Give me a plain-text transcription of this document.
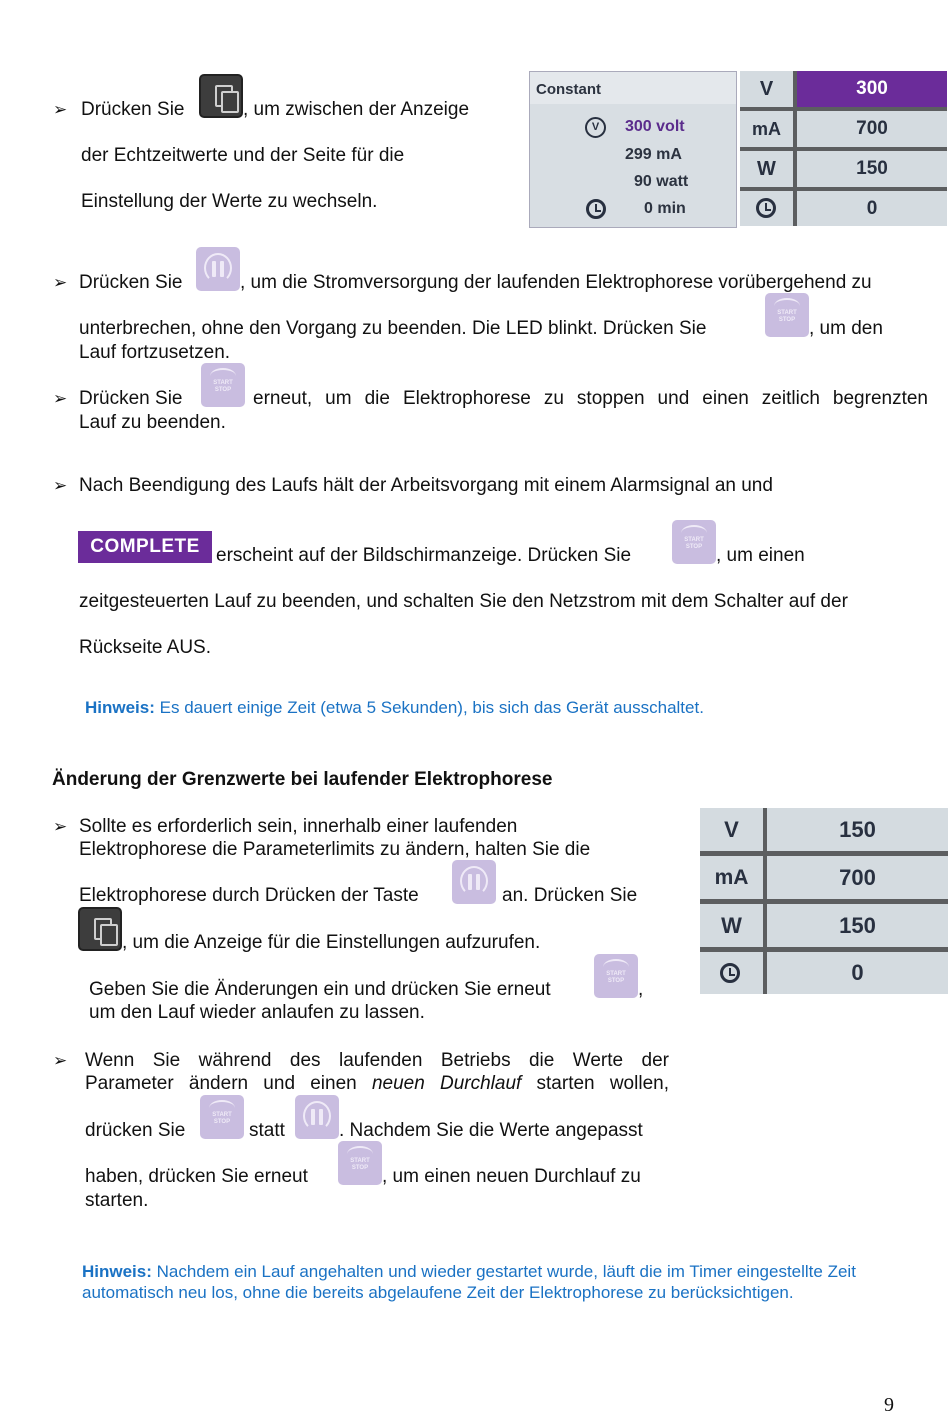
➢ Drücken Sie	, um zwischen der Anzeige
der Echtzeitwerte und der Seite für die
Einstellung der Werte zu wechseln.
Constant
V	300 volt
299 mA
90 watt
0 min
V	300
mA	700
W	150
0
➢ Drücken Sie	, um die Stromversorgung der laufenden Elektrophorese vorübergehend zu
unterbrechen, ohne den Vorgang zu beenden. Die LED blinkt. Drücken Sie
START
STOP , um den
Lauf fortzusetzen.
➢ Drücken Sie
START
STOP	erneut, um die Elektrophorese zu stoppen und einen zeitlich begrenzten
Lauf zu beenden.
➢ Nach Beendigung des Laufs hält der Arbeitsvorgang mit einem Alarmsignal an und
COMPLETE erscheint auf der Bildschirmanzeige. Drücken Sie
START
STOP , um einen
zeitgesteuerten Lauf zu beenden, und schalten Sie den Netzstrom mit dem Schalter auf der
Rückseite AUS.
Hinweis: Es dauert einige Zeit (etwa 5 Sekunden), bis sich das Gerät ausschaltet.
Änderung der Grenzwerte bei laufender Elektrophorese
➢ Sollte es erforderlich sein, innerhalb einer laufenden
Elektrophorese die Parameterlimits zu ändern, halten Sie die
Elektrophorese durch Drücken der Taste	an. Drücken Sie
, um die Anzeige für die Einstellungen aufzurufen.
Geben Sie die Änderungen ein und drücken Sie erneut
START
STOP ,
um den Lauf wieder anlaufen zu lassen.
V	150
mA	700
W	150
0
➢ Wenn Sie während des laufenden Betriebs die Werte der
Parameter ändern und einen neuen Durchlauf starten wollen,
drücken Sie
START
STOP statt	. Nachdem Sie die Werte angepasst
haben, drücken Sie erneut
START
STOP , um einen neuen Durchlauf zu
starten.
Hinweis: Nachdem ein Lauf angehalten und wieder gestartet wurde, läuft die im Timer eingestellte Zeit
automatisch neu los, ohne die bereits abgelaufene Zeit der Elektrophorese zu berücksichtigen.
9
